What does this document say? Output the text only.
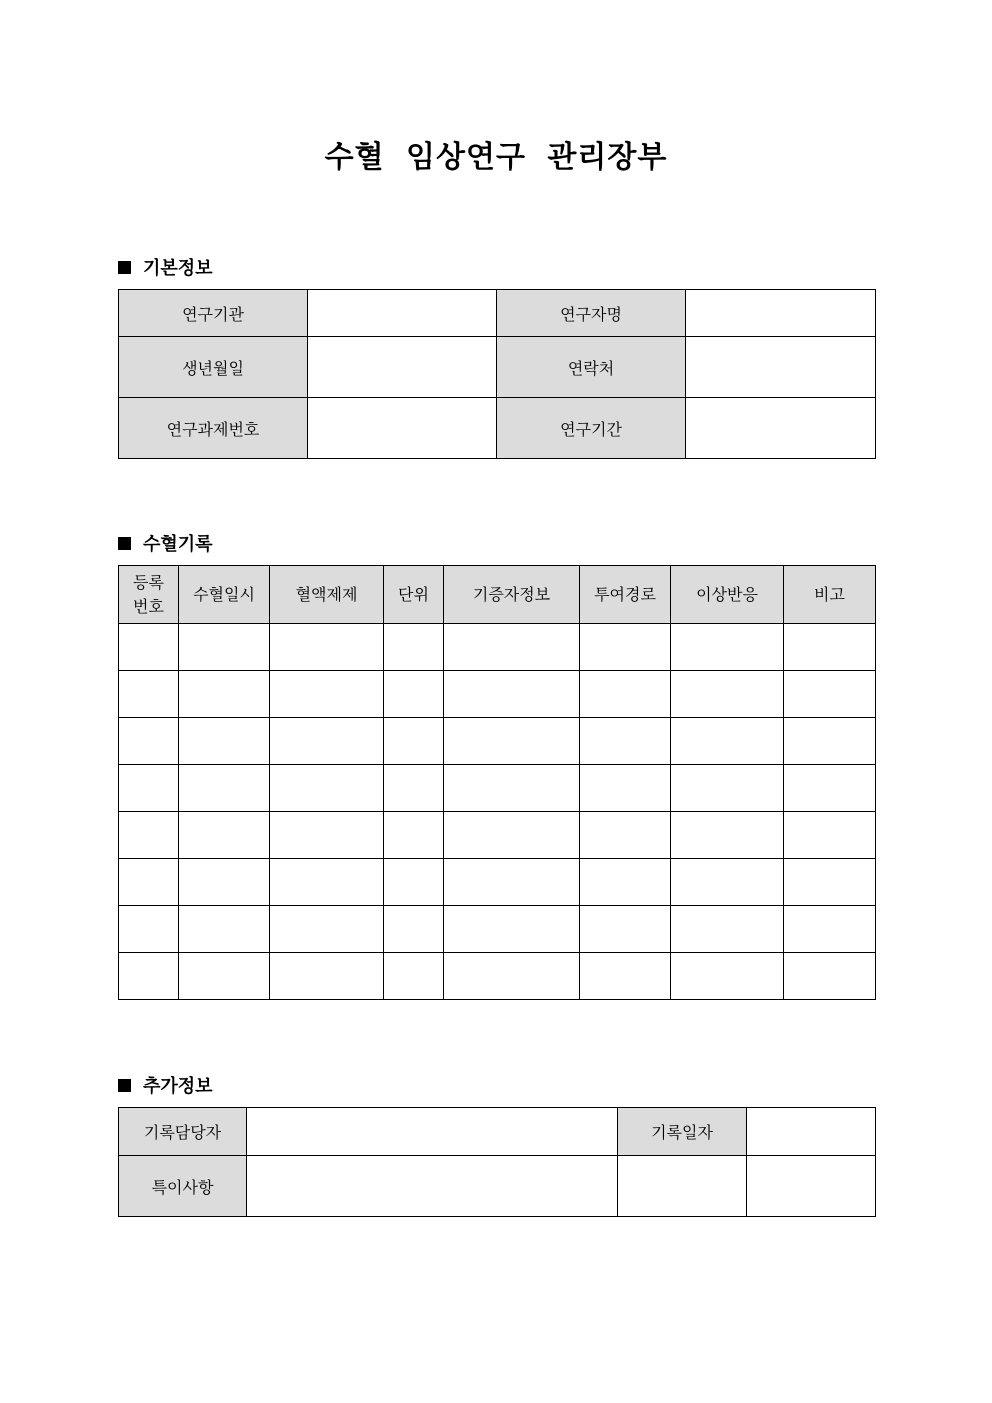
수혈 임상연구 관리장부
기본정보
연구기관		연구자명	
생년월일		연락처	
연구과제번호		연구기간	
수혈기록
등록
번호	수혈일시	혈액제제	단위	기증자정보	투여경로	이상반응	비고

추가정보
기록담당자		기록일자	
특이사항			
